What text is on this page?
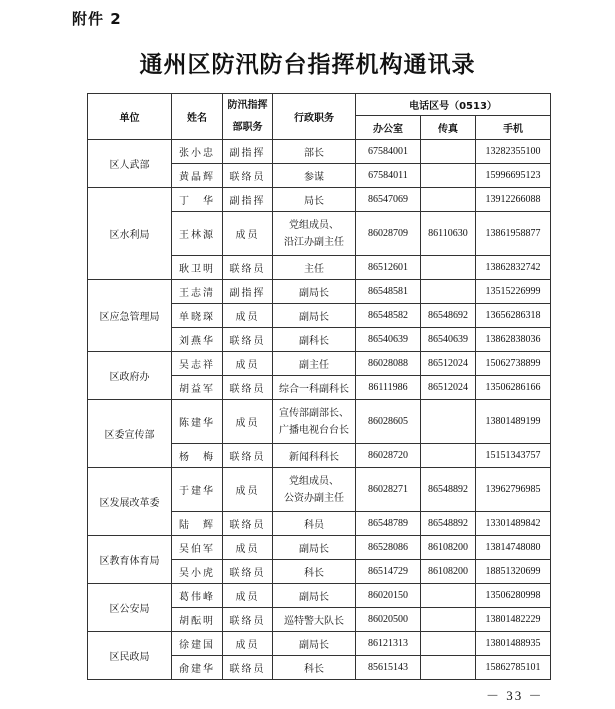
附件 2
通州区防汛防台指挥机构通讯录
单位	姓名	防汛指挥部职务	行政职务	电话区号（0513）		
				办公室	传真	手机
区人武部	张小忠	副指挥	部长	67584001		13282355100
	黄晶辉	联络员	参谋	67584011		15996695123
区水利局	丁　华	副指挥	局长	86547069		13912266088
	王林源	成员	党组成员、
沿江办副主任	86028709	86110630	13861958877
	耿卫明	联络员	主任	86512601		13862832742
区应急管理局	王志清	副指挥	副局长	86548581		13515226999
	单晓琛	成员	副局长	86548582	86548692	13656286318
	刘燕华	联络员	副科长	86540639	86540639	13862838036
区政府办	吴志祥	成员	副主任	86028088	86512024	15062738899
	胡益军	联络员	综合一科副科长	86111986	86512024	13506286166
区委宣传部	陈建华	成员	宣传部副部长、
广播电视台台长	86028605		13801489199
	杨　梅	联络员	新闻科科长	86028720		15151343757
区发展改革委	于建华	成员	党组成员、
公资办副主任	86028271	86548892	13962796985
	陆　辉	联络员	科员	86548789	86548892	13301489842
区教育体育局	吴伯军	成员	副局长	86528086	86108200	13814748080
	吴小虎	联络员	科长	86514729	86108200	18851320699
区公安局	葛伟峰	成员	副局长	86020150		13506280998
	胡酝明	联络员	巡特警大队长	86020500		13801482229
区民政局	徐建国	成员	副局长	86121313		13801488935
	俞建华	联络员	科长	85615143		15862785101
－ 33 －
